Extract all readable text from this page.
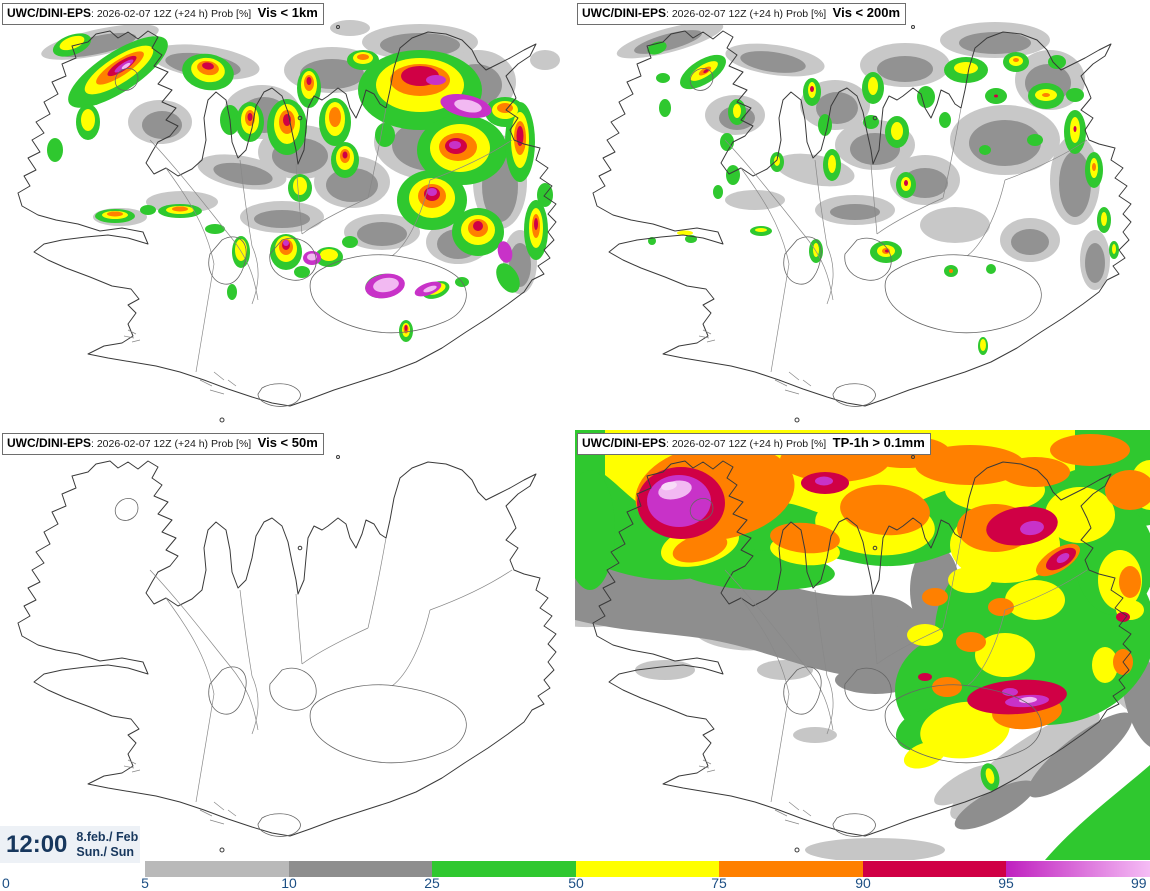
UWC/DINI-EPS: 2026-02-07 12Z (+24 h) Prob [%] Vis < 1km	UWC/DINI-EPS: 2026-02-07 12Z (+24 h) Prob [%] Vis < 200m
UWC/DINI-EPS: 2026-02-07 12Z (+24 h) Prob [%] Vis < 50m	UWC/DINI-EPS: 2026-02-07 12Z (+24 h) Prob [%] TP-1h > 0.1mm
12:00 8.feb./ Feb
Sun./ Sun
0	5	10	25	50	75	90	95	99
